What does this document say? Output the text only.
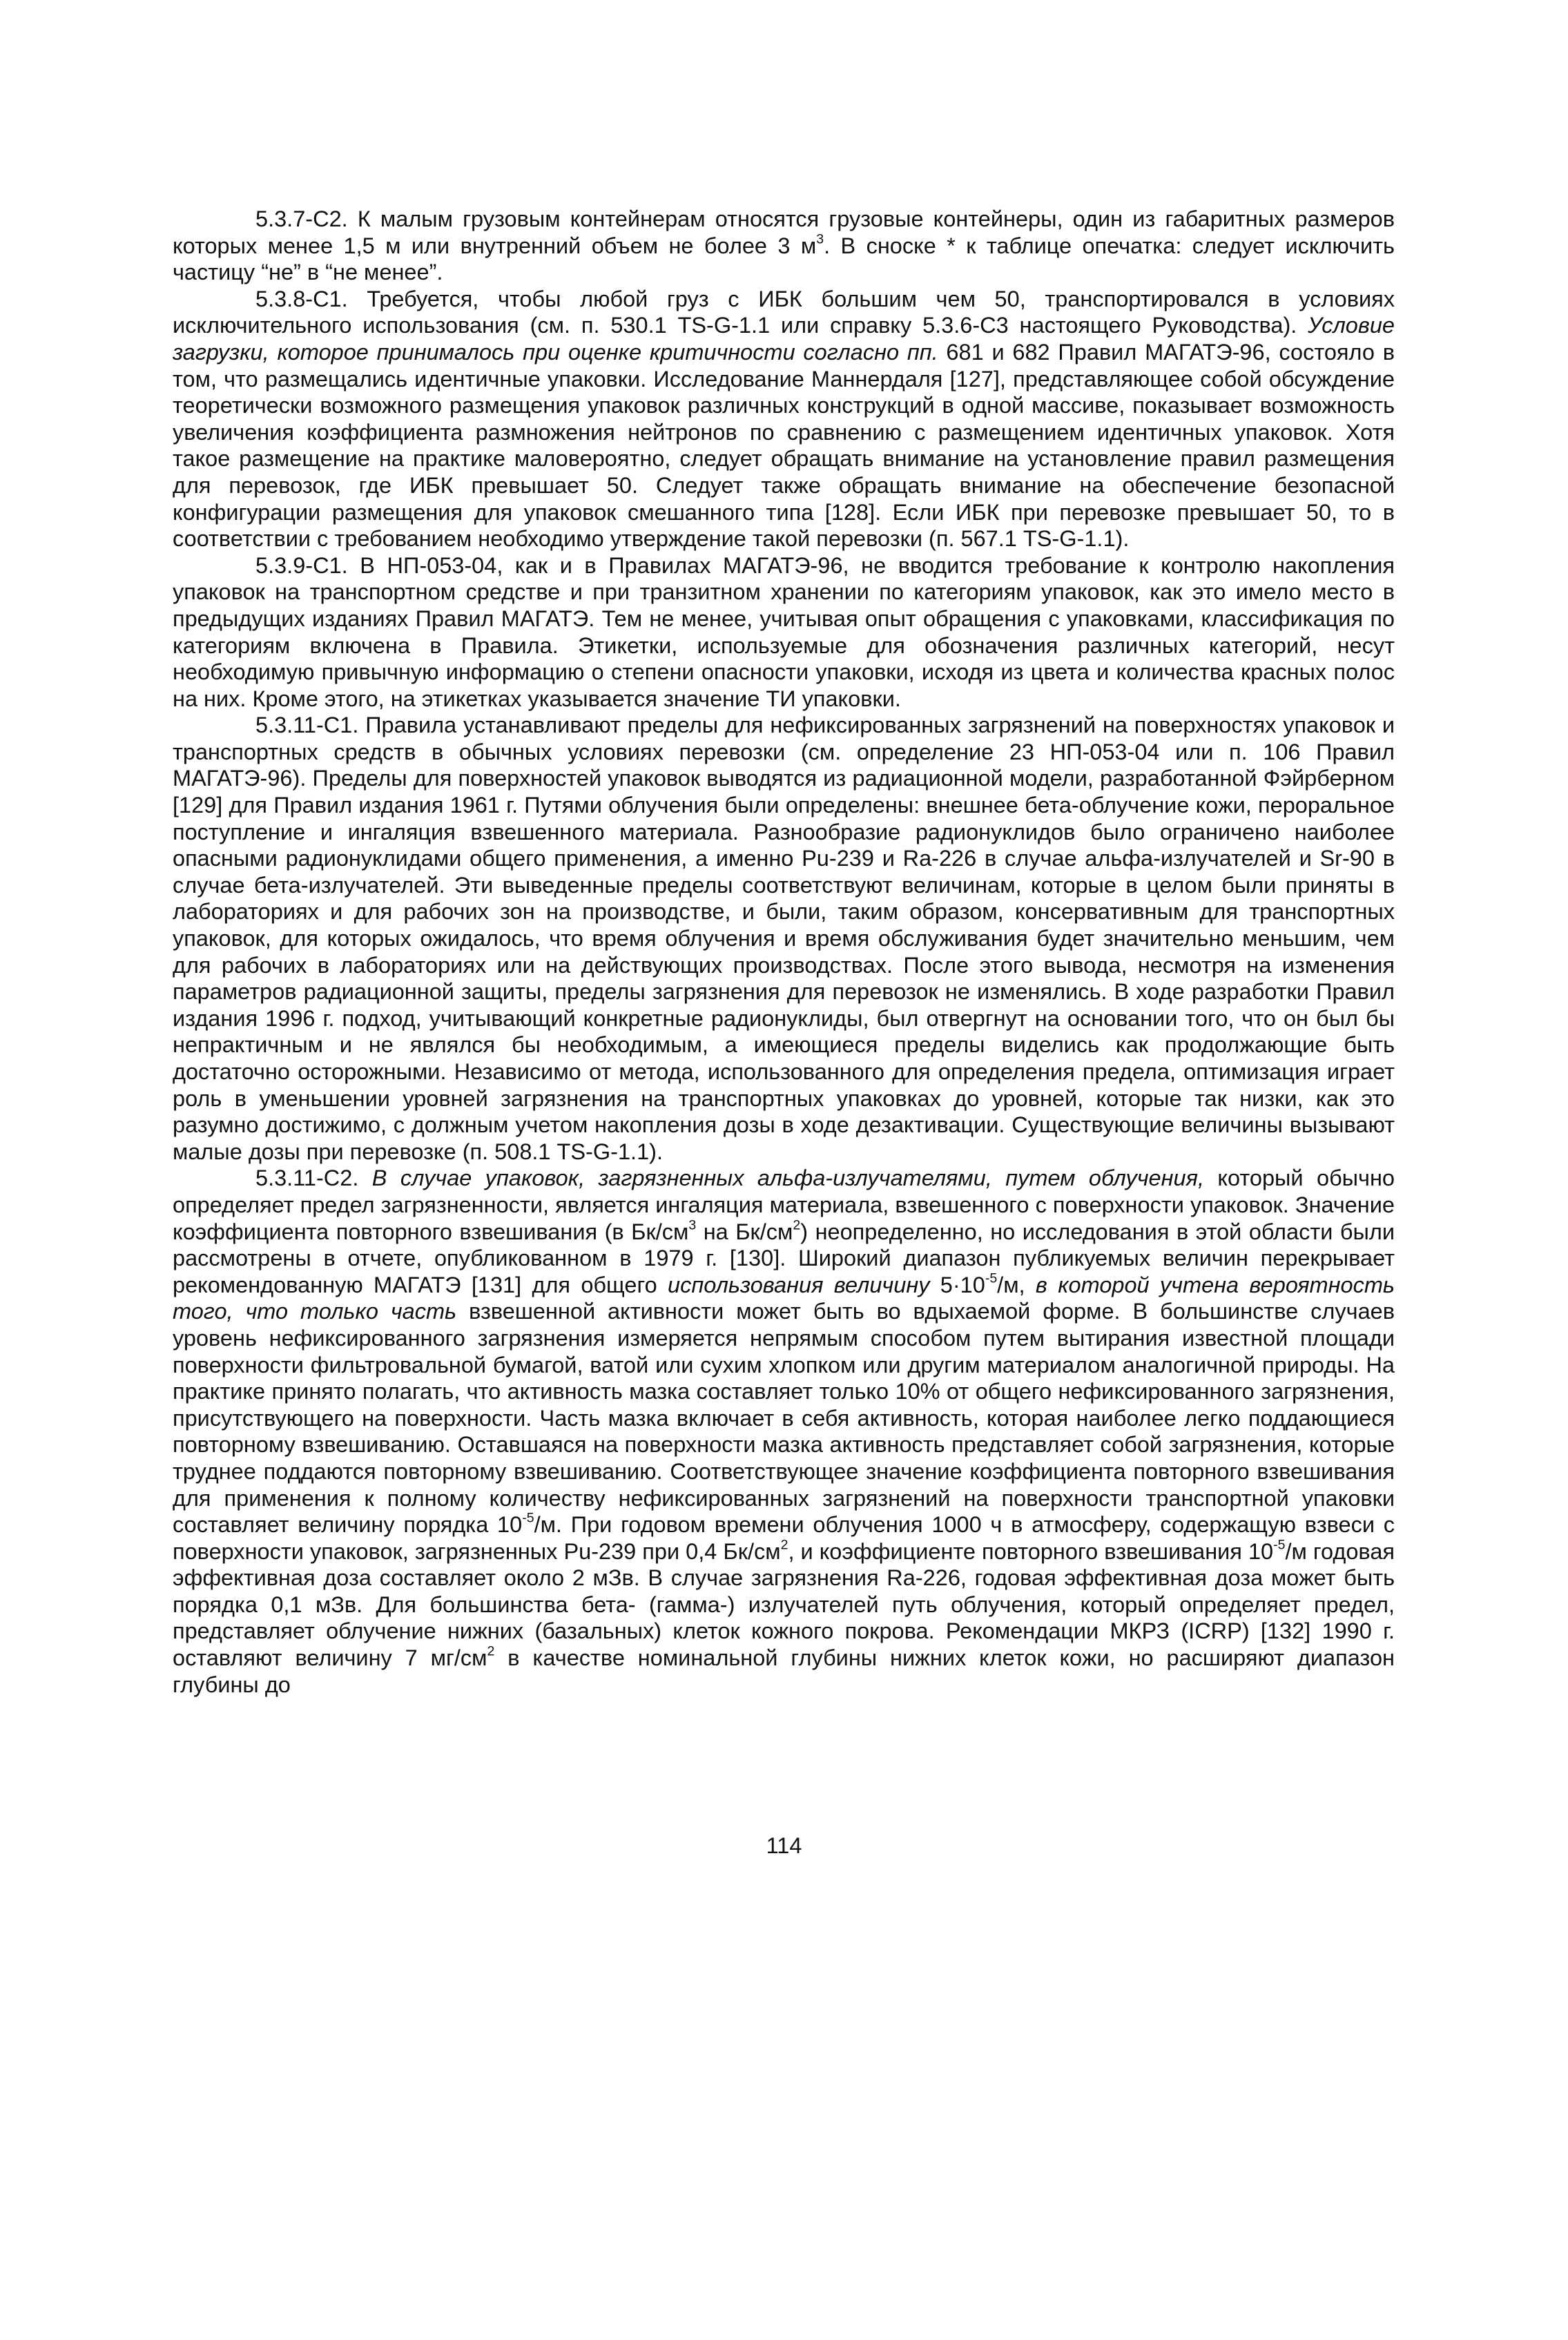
5.3.7-С2. К малым грузовым контейнерам относятся грузовые контейнеры, один из габаритных размеров которых менее 1,5 м или внутренний объем не более 3 $м^3$. В сноске * к таблице опечатка: следует исключить частицу “не” в “не менее”.

5.3.8-С1. Требуется, чтобы любой груз с ИБК большим чем 50, транспортировался в условиях исключительного использования (см. п. 530.1 TS-G-1.1 или справку 5.3.6-С3 настоящего Руководства). Условие загрузки, которое принималось при оценке критичности согласно пп. 681 и 682 Правил МАГАТЭ-96, состояло в том, что размещались идентичные упаковки. Исследование Маннердаля [127], представляющее собой обсуждение теоретически возможного размещения упаковок различных конструкций в одной массиве, показывает возможность увеличения коэффициента размножения нейтронов по сравнению с размещением идентичных упаковок. Хотя такое размещение на практике маловероятно, следует обращать внимание на установление правил размещения для перевозок, где ИБК превышает 50. Следует также обращать внимание на обеспечение безопасной конфигурации размещения для упаковок смешанного типа [128]. Если ИБК при перевозке превышает 50, то в соответствии с требованием необходимо утверждение такой перевозки (п. 567.1 TS-G-1.1).

5.3.9-С1. В НП-053-04, как и в Правилах МАГАТЭ-96, не вводится требование к контролю накопления упаковок на транспортном средстве и при транзитном хранении по категориям упаковок, как это имело место в предыдущих изданиях Правил МАГАТЭ. Тем не менее, учитывая опыт обращения с упаковками, классификация по категориям включена в Правила. Этикетки, используемые для обозначения различных категорий, несут необходимую привычную информацию о степени опасности упаковки, исходя из цвета и количества красных полос на них. Кроме этого, на этикетках указывается значение ТИ упаковки.

5.3.11-С1. Правила устанавливают пределы для нефиксированных загрязнений на поверхностях упаковок и транспортных средств в обычных условиях перевозки (см. определение 23 НП-053-04 или п. 106 Правил МАГАТЭ-96). Пределы для поверхностей упаковок выводятся из радиационной модели, разработанной Фэйрберном [129] для Правил издания 1961 г. Путями облучения были определены: внешнее бета-облучение кожи, пероральное поступление и ингаляция взвешенного материала. Разнообразие радионуклидов было ограничено наиболее опасными радионуклидами общего применения, а именно Pu-239 и Ra-226 в случае альфа-излучателей и Sr-90 в случае бета-излучателей. Эти выведенные пределы соответствуют величинам, которые в целом были приняты в лабораториях и для рабочих зон на производстве, и были, таким образом, консервативным для транспортных упаковок, для которых ожидалось, что время облучения и время обслуживания будет значительно меньшим, чем для рабочих в лабораториях или на действующих производствах. После этого вывода, несмотря на изменения параметров радиационной защиты, пределы загрязнения для перевозок не изменялись. В ходе разработки Правил издания 1996 г. подход, учитывающий конкретные радионуклиды, был отвергнут на основании того, что он был бы непрактичным и не являлся бы необходимым, а имеющиеся пределы виделись как продолжающие быть достаточно осторожными. Независимо от метода, использованного для определения предела, оптимизация играет роль в уменьшении уровней загрязнения на транспортных упаковках до уровней, которые так низки, как это разумно достижимо, с должным учетом накопления дозы в ходе дезактивации. Существующие величины вызывают малые дозы при перевозке (п. 508.1 TS-G-1.1).

5.3.11-С2. В случае упаковок, загрязненных альфа-излучателями, путем облучения, который обычно определяет предел загрязненности, является ингаляция материала, взвешенного с поверхности упаковок. Значение коэффициента повторного взвешивания (в $Бк/см^3$ на $Бк/см^2$) неопределенно, но исследования в этой области были рассмотрены в отчете, опубликованном в 1979 г. [130]. Широкий диапазон публикуемых величин перекрывает рекомендованную МАГАТЭ [131] для общего использования величину $5\cdot 10^{-5}/м$, в которой учтена вероятность того, что только часть взвешенной активности может быть во вдыхаемой форме. В большинстве случаев уровень нефиксированного загрязнения измеряется непрямым способом путем вытирания известной площади поверхности фильтровальной бумагой, ватой или сухим хлопком или другим материалом аналогичной природы. На практике принято полагать, что активность мазка составляет только 10% от общего нефиксированного загрязнения, присутствующего на поверхности. Часть мазка включает в себя активность, которая наиболее легко поддающиеся повторному взвешиванию. Оставшаяся на поверхности мазка активность представляет собой загрязнения, которые труднее поддаются повторному взвешиванию. Соответствующее значение коэффициента повторного взвешивания для применения к полному количеству нефиксированных загрязнений на поверхности транспортной упаковки составляет величину порядка $10^{-5}/м$. При годовом времени облучения 1000 ч в атмосферу, содержащую взвеси с поверхности упаковок, загрязненных Pu-239 при 0,4 $Бк/см^2$, и коэффициенте повторного взвешивания $10^{-5}/м$ годовая эффективная доза составляет около 2 мЗв. В случае загрязнения Ra-226, годовая эффективная доза может быть порядка 0,1 мЗв. Для большинства бета- (гамма-) излучателей путь облучения, который определяет предел, представляет облучение нижних (базальных) клеток кожного покрова. Рекомендации МКРЗ (ICRP) [132] 1990 г. оставляют величину 7 $мг/см^2$ в качестве номинальной глубины нижних клеток кожи, но расширяют диапазон глубины до

114
